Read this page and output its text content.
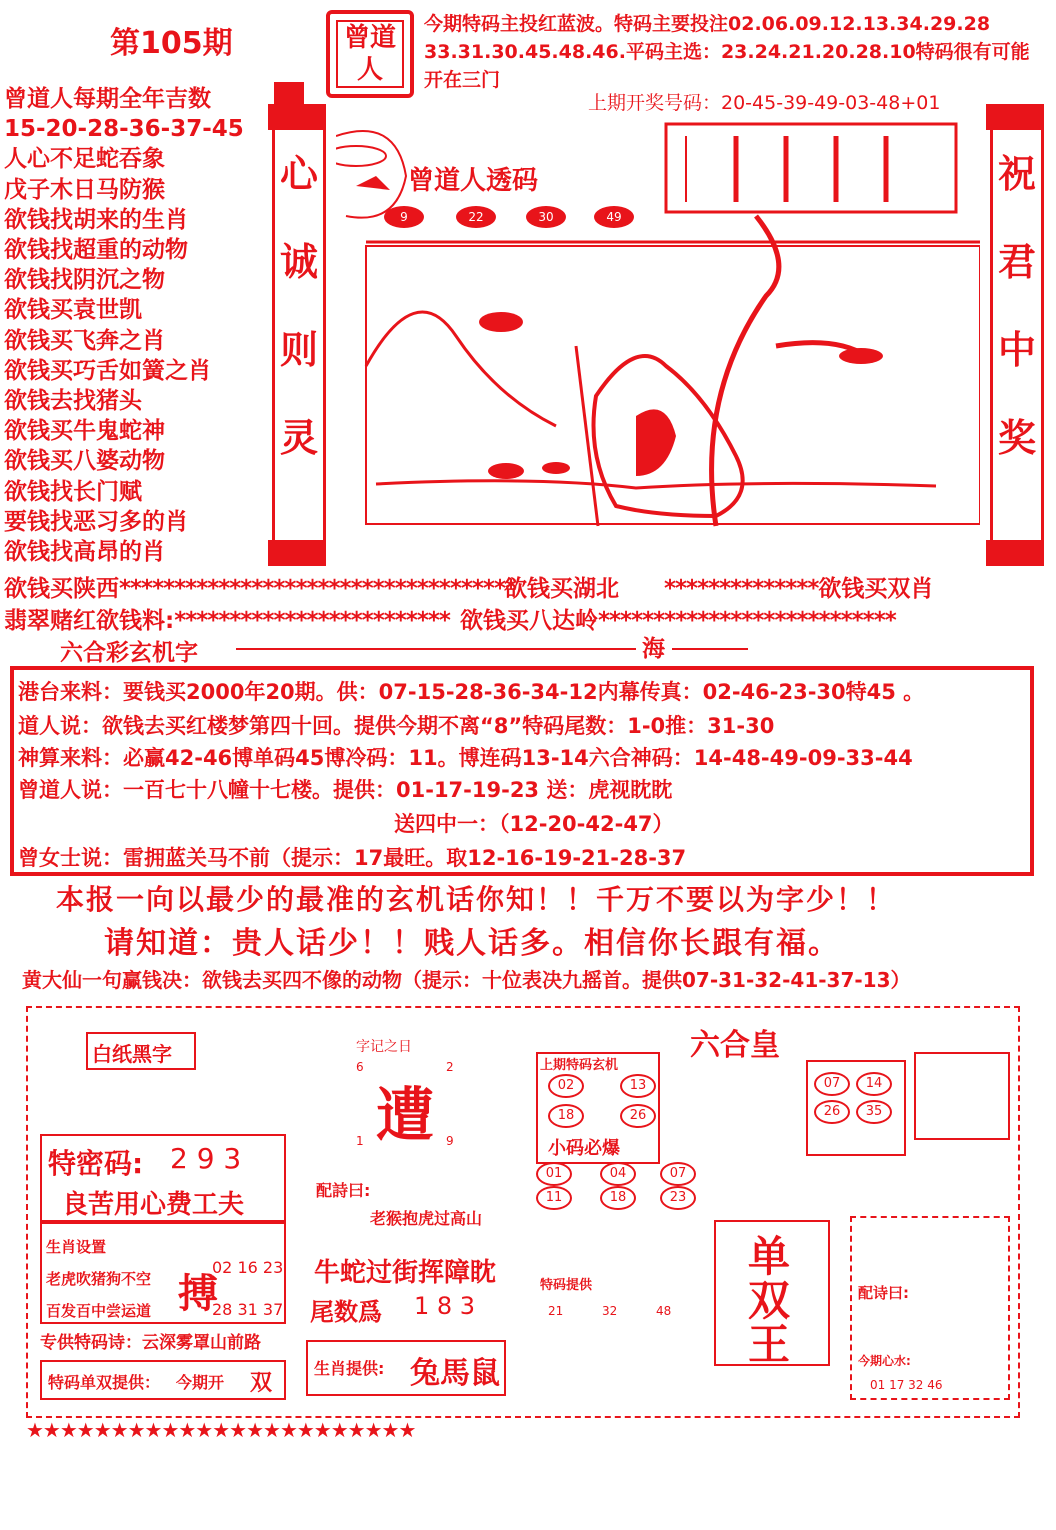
第105期	曾道
人
今期特码主投红蓝波。特码主要投注02.06.09.12.13.34.29.28
33.31.30.45.48.46.平码主选：23.24.21.20.28.10特码很有可能
开在三门
上期开奖号码：20-45-39-49-03-48+01
曾道人每期全年吉数
15-20-28-36-37-45
人心不足蛇吞象
戊子木日马防猴
欲钱找胡来的生肖
欲钱找超重的动物
欲钱找阴沉之物
欲钱买袁世凯
欲钱买飞奔之肖
欲钱买巧舌如簧之肖
欲钱去找猪头
欲钱买牛鬼蛇神
欲钱买八婆动物
欲钱找长门赋
要钱找恶习多的肖
欲钱找高昂的肖
心
诚
则
灵
祝
君
中
奖
曾道人透码
9	22	30	49
欲钱买陕西************************************
欲钱买湖北 **************欲钱买双肖
翡翠赌红欲钱料:************************* 欲钱买八达岭***************************
六合彩玄机字	海
港台来料：要钱买2000年20期。供：07-15-28-36-34-12内幕传真：02-46-23-30特45 。
道人说：欲钱去买红楼梦第四十回。提供今期不离“8”特码尾数：1-0推：31-30
神算来料：必赢42-46博单码45博冷码：11。博连码13-14六合神码：14-48-49-09-33-44
曾道人说：一百七十八幢十七楼。提供：01-17-19-23 送：虎视眈眈
送四中一：（12-20-42-47）
曾女士说：雷拥蓝关马不前（提示：17最旺。取12-16-19-21-28-37
本报一向以最少的最准的玄机话你知！！千万不要以为字少！！
请知道：贵人话少！！贱人话多。相信你长跟有福。
黄大仙一句赢钱决：欲钱去买四不像的动物（提示：十位表决九摇首。提供07-31-32-41-37-13）
白纸黑字
特密码: 2 9 3
良苦用心费工夫
生肖设置
老虎吹猪狗不空
百发百中尝运道 搏
02 16 23
28 31 37
专供特码诗：云深雾罩山前路
特码单双提供： 今期开 双
字记之日
6	2
遭
1	9
配詩曰:
老猴抱虎过高山
牛蛇过街挥障眈
尾数爲 1 8 3
生肖提供: 兔馬鼠
六合皇
上期特码玄机
02	13
18	26
小码必爆
01	04	07
11	18	23
07	14
26	35
单
双
王
特码提供
21	32	48
配诗曰:
今期心水:
01 17 32 46
★★★★★★★★★★★★★★★★★★★★★★★
